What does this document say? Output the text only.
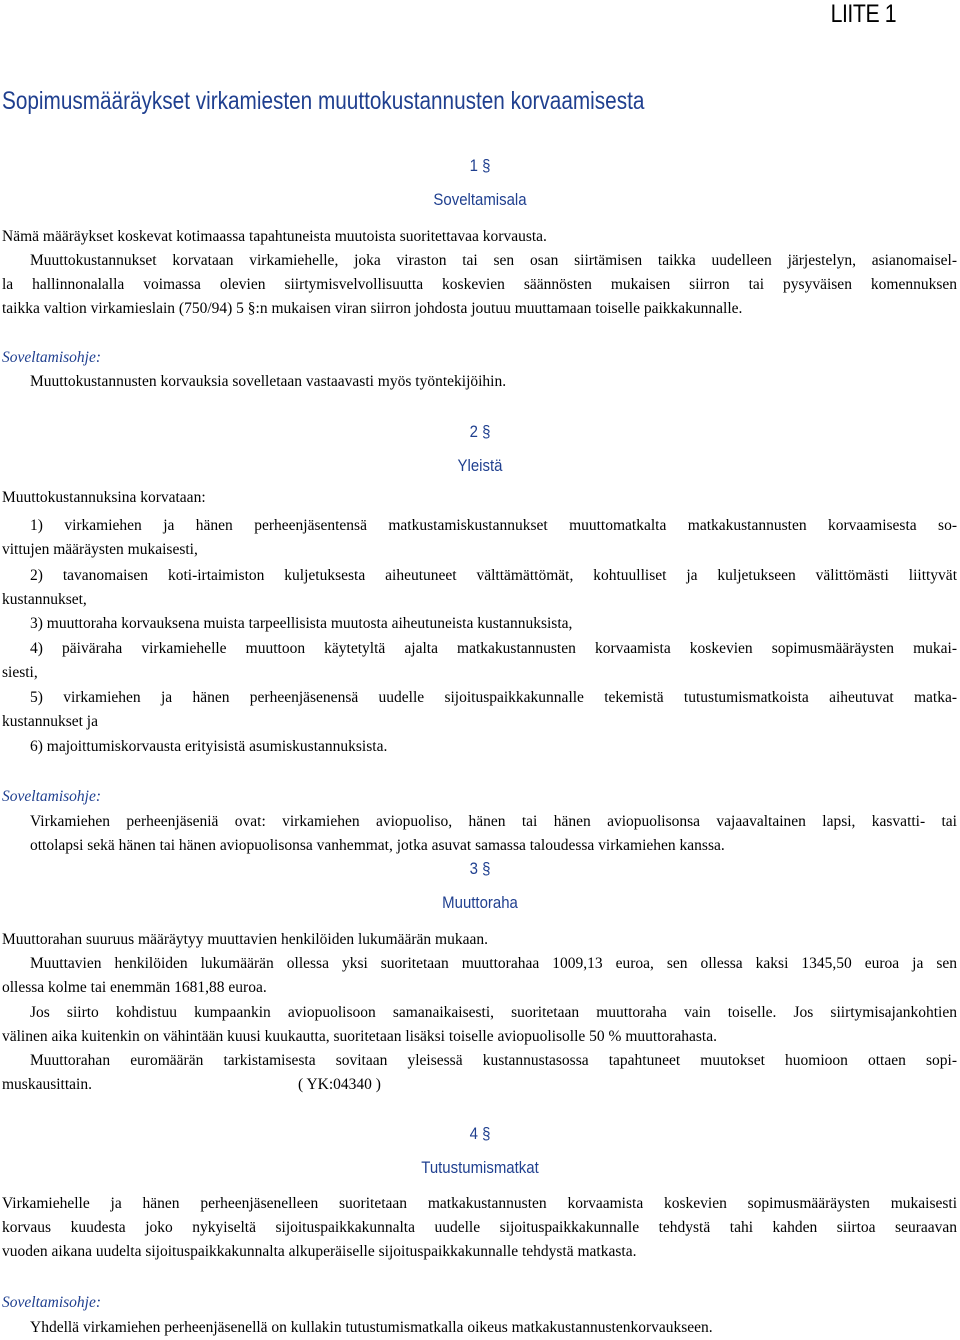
LIITE 1
Sopimusmääräykset virkamiesten muuttokustannusten korvaamisesta
1 §
Soveltamisala
Nämä määräykset koskevat kotimaassa tapahtuneista muutoista suoritettavaa korvausta.
Muuttokustannukset korvataan virkamiehelle, joka viraston tai sen osan siirtämisen taikka uudelleen järjestelyn, asianomaisel-
la hallinnonalalla voimassa olevien siirtymisvelvollisuutta koskevien säännösten mukaisen siirron tai pysyväisen komennuksen
taikka valtion virkamieslain (750/94) 5 §:n mukaisen viran siirron johdosta joutuu muuttamaan toiselle paikkakunnalle.
Soveltamisohje:
Muuttokustannusten korvauksia sovelletaan vastaavasti myös työntekijöihin.
2 §
Yleistä
Muuttokustannuksina korvataan:
1) virkamiehen ja hänen perheenjäsentensä matkustamiskustannukset muuttomatkalta matkakustannusten korvaamisesta so-
vittujen määräysten mukaisesti,
2) tavanomaisen koti-irtaimiston kuljetuksesta aiheutuneet välttämättömät, kohtuulliset ja kuljetukseen välittömästi liittyvät
kustannukset,
3) muuttoraha korvauksena muista tarpeellisista muutosta aiheutuneista kustannuksista,
4) päiväraha virkamiehelle muuttoon käytetyltä ajalta matkakustannusten korvaamista koskevien sopimusmääräysten mukai-
siesti,
5) virkamiehen ja hänen perheenjäsenensä uudelle sijoituspaikkakunnalle tekemistä tutustumismatkoista aiheutuvat matka-
kustannukset ja
6) majoittumiskorvausta erityisistä asumiskustannuksista.
Soveltamisohje:
Virkamiehen perheenjäseniä ovat: virkamiehen aviopuoliso, hänen tai hänen aviopuolisonsa vajaavaltainen lapsi, kasvatti- tai
ottolapsi sekä hänen tai hänen aviopuolisonsa vanhemmat, jotka asuvat samassa taloudessa virkamiehen kanssa.
3 §
Muuttoraha
Muuttorahan suuruus määräytyy muuttavien henkilöiden lukumäärän mukaan.
Muuttavien henkilöiden lukumäärän ollessa yksi suoritetaan muuttorahaa 1009,13 euroa, sen ollessa kaksi 1345,50 euroa ja sen
ollessa kolme tai enemmän 1681,88 euroa.
Jos siirto kohdistuu kumpaankin aviopuolisoon samanaikaisesti, suoritetaan muuttoraha vain toiselle. Jos siirtymisajankohtien
välinen aika kuitenkin on vähintään kuusi kuukautta, suoritetaan lisäksi toiselle aviopuolisolle 50 % muuttorahasta.
Muuttorahan euromäärän tarkistamisesta sovitaan yleisessä kustannustasossa tapahtuneet muutokset huomioon ottaen sopi-
muskausittain.	( YK:04340 )
4 §
Tutustumismatkat
Virkamiehelle ja hänen perheenjäsenelleen suoritetaan matkakustannusten korvaamista koskevien sopimusmääräysten mukaisesti
korvaus kuudesta joko nykyiseltä sijoituspaikkakunnalta uudelle sijoituspaikkakunnalle tehdystä tahi kahden siirtoa seuraavan
vuoden aikana uudelta sijoituspaikkakunnalta alkuperäiselle sijoituspaikkakunnalle tehdystä matkasta.
Soveltamisohje:
Yhdellä virkamiehen perheenjäsenellä on kullakin tutustumismatkalla oikeus matkakustannustenkorvaukseen.
